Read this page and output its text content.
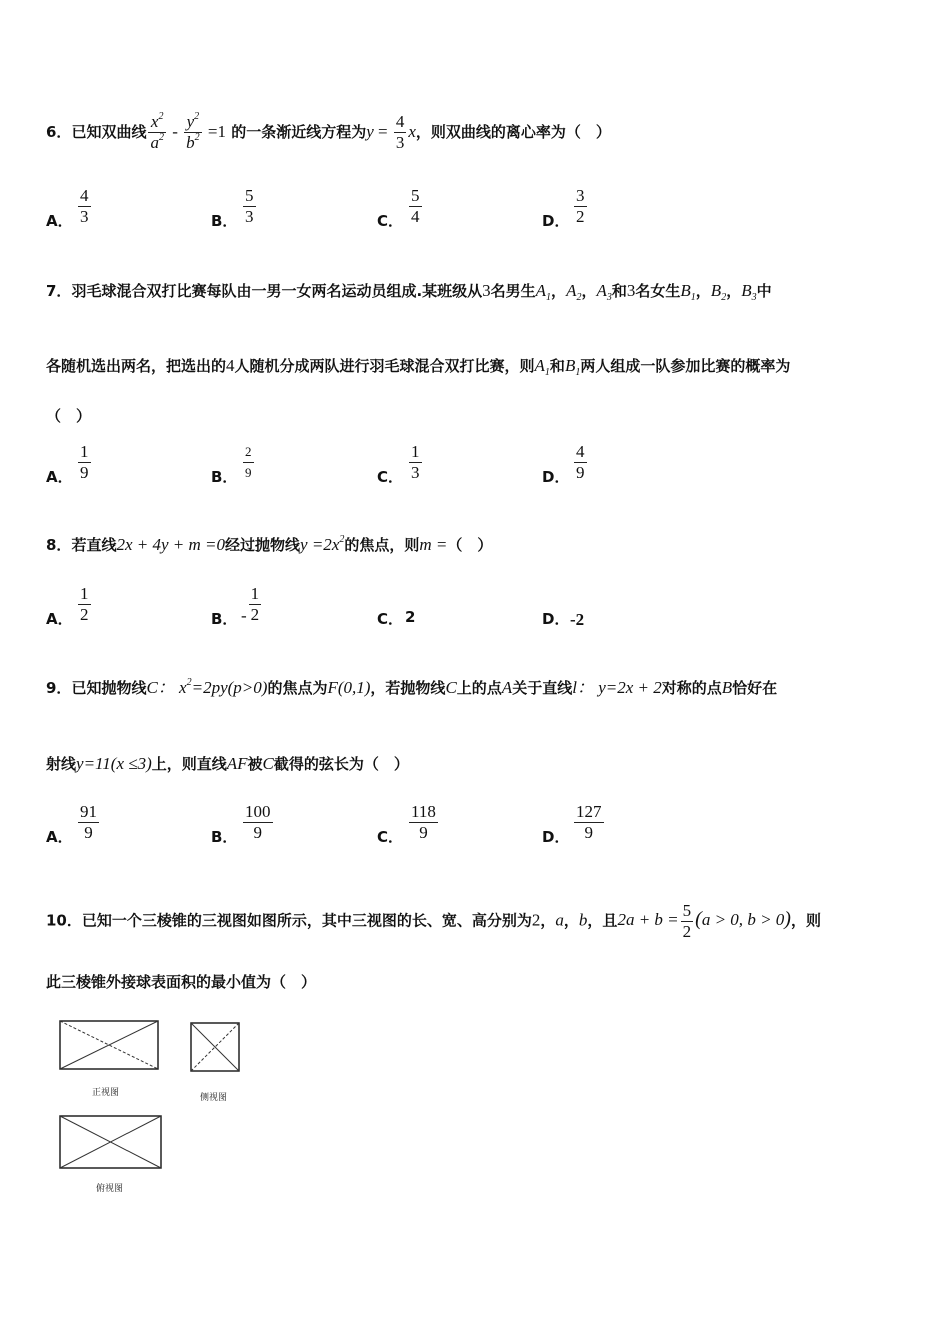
6．已知双曲线 $\frac{x^2}{a^2} - \frac{y^2}{b^2} =1$ 的一条渐近线方程为$y = \frac{4}{3}$ x，则双曲线的离心率为（　）
A． $\frac{4}{3}$	B． $\frac{5}{3}$	C． $\frac{5}{4}$	D． $\frac{3}{2}$
7．羽毛球混合双打比赛每队由一男一女两名运动员组成.某班级从3名男生$A_1$，$A_2$，$A_3$和3名女生$B_1$，$B_2$，$B_3$中
各随机选出两名，把选出的4人随机分成两队进行羽毛球混合双打比赛，则$A_1$和$B_1$两人组成一队参加比赛的概率为
（　）
A． $\frac{1}{9}$	B． $\frac{2}{9}$	C． $\frac{1}{3}$	D． $\frac{4}{9}$
8．若直线2x + 4y + m =0经过抛物线$y =2x^2$的焦点，则m =（　）
A． $\frac{1}{2}$	B． - $\frac{1}{2}$	C． 2	D． -2
9．已知抛物线C： $x^2=2py(p>0)$的焦点为F(0,1)，若抛物线C上的点A关于直线l： y=2x + 2对称的点B恰好在
射线y=11(x ≤3)上，则直线AF被C截得的弦长为（　）
A． $\frac{91}{9}$	B． $\frac{100}{9}$	C． $\frac{118}{9}$	D． $\frac{127}{9}$
10．已知一个三棱锥的三视图如图所示，其中三视图的长、宽、高分别为2，a，b，且$2a + b = \frac{5}{2} (a > 0$, b > 0)，则
此三棱锥外接球表面积的最小值为（　）
正视图	侧视图
俯视图
